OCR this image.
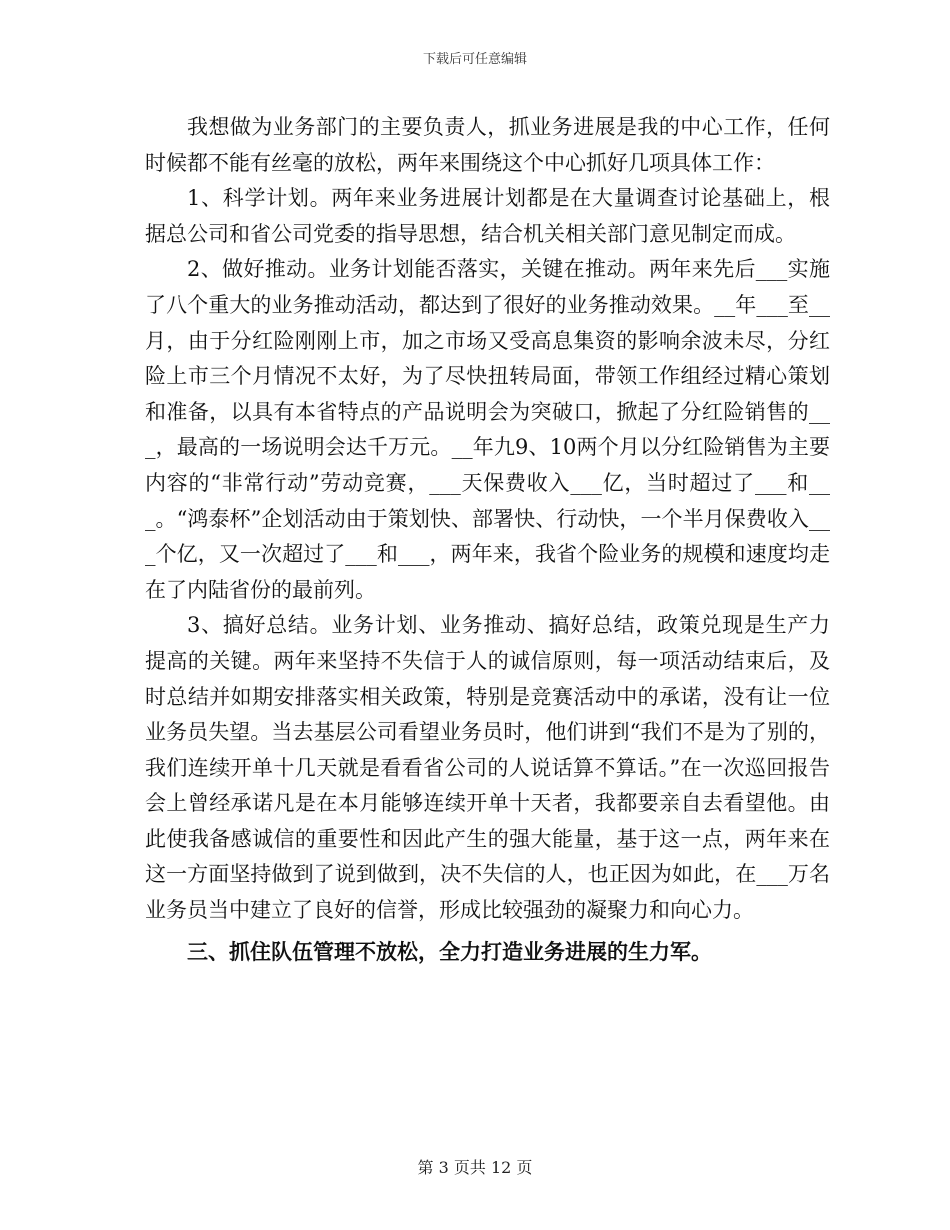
下载后可任意编辑

我想做为业务部门的主要负责人，抓业务进展是我的中心工作，任何时候都不能有丝毫的放松，两年来围绕这个中心抓好几项具体工作：

1、科学计划。两年来业务进展计划都是在大量调查讨论基础上，根据总公司和省公司党委的指导思想，结合机关相关部门意见制定而成。

2、做好推动。业务计划能否落实，关键在推动。两年来先后___实施了八个重大的业务推动活动，都达到了很好的业务推动效果。__年___至__月，由于分红险刚刚上市，加之市场又受高息集资的影响余波未尽，分红险上市三个月情况不太好，为了尽快扭转局面，带领工作组经过精心策划和准备，以具有本省特点的产品说明会为突破口，掀起了分红险销售的___，最高的一场说明会达千万元。__年九9、10两个月以分红险销售为主要内容的“非常行动”劳动竞赛，___天保费收入___亿，当时超过了___和___。“鸿泰杯”企划活动由于策划快、部署快、行动快，一个半月保费收入___个亿，又一次超过了___和___，两年来，我省个险业务的规模和速度均走在了内陆省份的最前列。

3、搞好总结。业务计划、业务推动、搞好总结，政策兑现是生产力提高的关键。两年来坚持不失信于人的诚信原则，每一项活动结束后，及时总结并如期安排落实相关政策，特别是竞赛活动中的承诺，没有让一位业务员失望。当去基层公司看望业务员时，他们讲到“我们不是为了别的，我们连续开单十几天就是看看省公司的人说话算不算话。”在一次巡回报告会上曾经承诺凡是在本月能够连续开单十天者，我都要亲自去看望他。由此使我备感诚信的重要性和因此产生的强大能量，基于这一点，两年来在这一方面坚持做到了说到做到，决不失信的人，也正因为如此，在___万名业务员当中建立了良好的信誉，形成比较强劲的凝聚力和向心力。

三、抓住队伍管理不放松，全力打造业务进展的生力军。

第 3 页共 12 页
